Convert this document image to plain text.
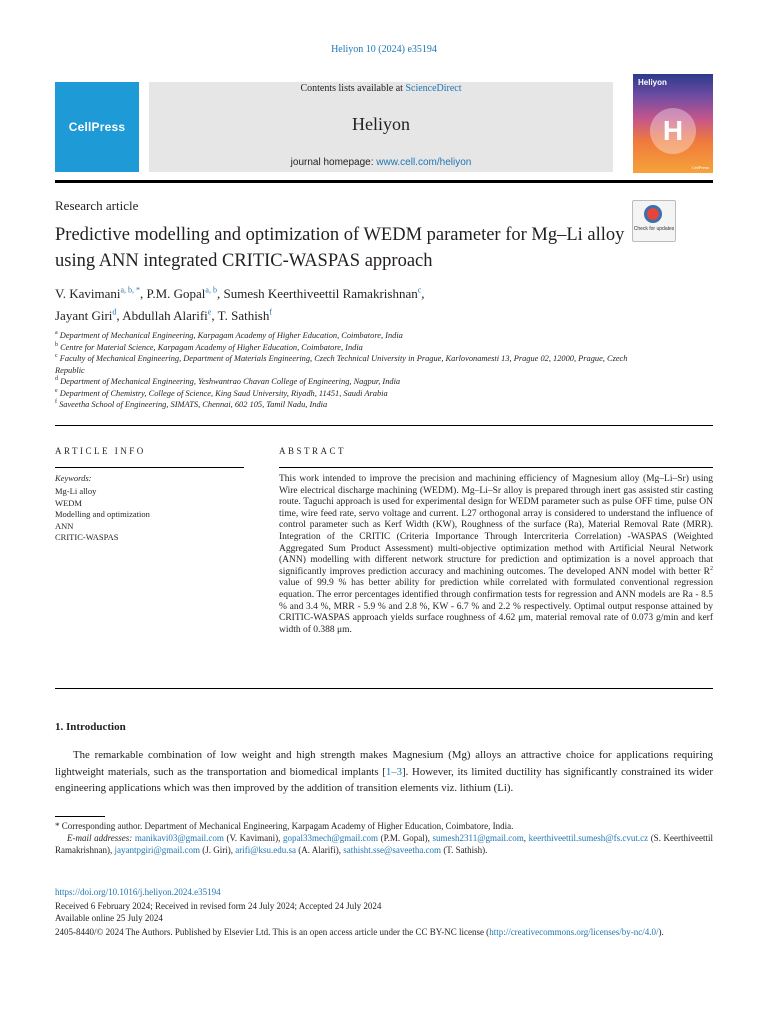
Heliyon 10 (2024) e35194
CellPress
Contents lists available at ScienceDirect
Heliyon
journal homepage: www.cell.com/heliyon
Heliyon
H
CellPress
Research article
Predictive modelling and optimization of WEDM parameter for Mg–Li alloy using ANN integrated CRITIC-WASPAS approach
Check for updates
V. Kavimani$^{a, b, *}$, P.M. Gopal$^{a, b}$, Sumesh Keerthiveettil Ramakrishnan$^c$,
Jayant Giri$^d$, Abdullah Alarifi$^e$, T. Sathish$^f$
$^a$ Department of Mechanical Engineering, Karpagam Academy of Higher Education, Coimbatore, India
$^b$ Centre for Material Science, Karpagam Academy of Higher Education, Coimbatore, India
$^c$ Faculty of Mechanical Engineering, Department of Materials Engineering, Czech Technical University in Prague, Karlovonamesti 13, Prague 02, 12000, Prague, Czech Republic
$^d$ Department of Mechanical Engineering, Yeshwantrao Chavan College of Engineering, Nagpur, India
$^e$ Department of Chemistry, College of Science, King Saud University, Riyadh, 11451, Saudi Arabia
$^f$ Saveetha School of Engineering, SIMATS, Chennai, 602 105, Tamil Nadu, India
ARTICLE INFO	ABSTRACT
Keywords:
Mg-Li alloy
WEDM
Modelling and optimization
ANN
CRITIC-WASPAS
This work intended to improve the precision and machining efficiency of Magnesium alloy (Mg–Li–Sr) using Wire electrical discharge machining (WEDM). Mg–Li–Sr alloy is prepared through inert gas assisted stir casting route. Taguchi approach is used for experimental design for WEDM parameter such as pulse OFF time, pulse ON time, wire feed rate, servo voltage and current. L27 orthogonal array is considered to understand the influence of control parameter such as Kerf Width (KW), Roughness of the surface (Ra), Material Removal Rate (MRR). Integration of the CRITIC (Criteria Importance Through Intercriteria Correlation) -WASPAS (Weighted Aggregated Sum Product Assessment) multi-objective optimization method with Artificial Neural Network (ANN) modelling with different network structure for prediction and optimization is a novel approach that significantly improves prediction accuracy and machining outcomes. The developed ANN model with better $R^2$ value of 99.9 % has better ability for prediction while correlated with formulated conventional regression equation. The error percentages identified through confirmation tests for regression and ANN models are Ra - 8.5 % and 3.4 %, MRR - 5.9 % and 2.8 %, KW - 6.7 % and 2.2 % respectively. Optimal output response attained by CRITIC-WASPAS approach yields surface roughness of 4.62 μm, material removal rate of 0.073 g/min and kerf width of 0.388 μm.
1. Introduction
The remarkable combination of low weight and high strength makes Magnesium (Mg) alloys an attractive choice for applications requiring lightweight materials, such as the transportation and biomedical implants [1–3]. However, its limited ductility has significantly constrained its wider engineering applications which was then improved by the addition of transition elements viz. lithium (Li).
* Corresponding author. Department of Mechanical Engineering, Karpagam Academy of Higher Education, Coimbatore, India.
E-mail addresses: manikavi03@gmail.com (V. Kavimani), gopal33mech@gmail.com (P.M. Gopal), sumesh2311@gmail.com, keerthiveettil.sumesh@fs.cvut.cz (S. Keerthiveettil Ramakrishnan), jayantpgiri@gmail.com (J. Giri), arifi@ksu.edu.sa (A. Alarifi), sathisht.sse@saveetha.com (T. Sathish).
https://doi.org/10.1016/j.heliyon.2024.e35194
Received 6 February 2024; Received in revised form 24 July 2024; Accepted 24 July 2024
Available online 25 July 2024
2405-8440/© 2024 The Authors. Published by Elsevier Ltd. This is an open access article under the CC BY-NC license (http://creativecommons.org/licenses/by-nc/4.0/).
